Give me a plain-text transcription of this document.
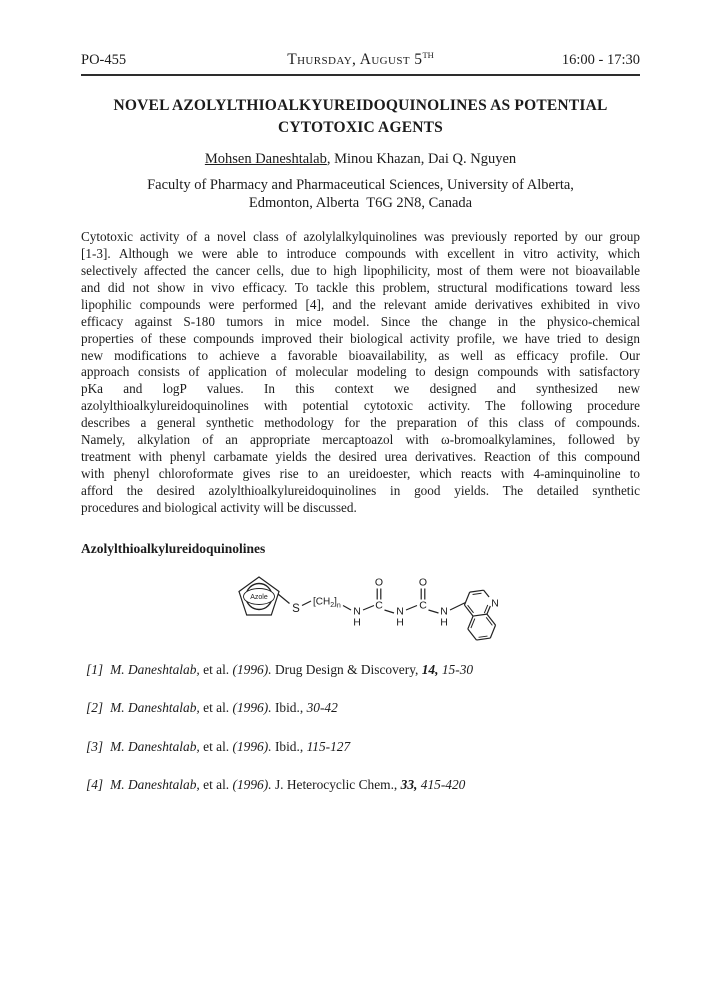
PO-455	Thursday, August 5TH	16:00 - 17:30
NOVEL AZOLYLTHIOALKYUREIDOQUINOLINES AS POTENTIAL
CYTOTOXIC AGENTS
Mohsen Daneshtalab, Minou Khazan, Dai Q. Nguyen
Faculty of Pharmacy and Pharmaceutical Sciences, University of Alberta,
Edmonton, Alberta  T6G 2N8, Canada
Cytotoxic activity of a novel class of azolylalkylquinolines was previously reported by our group
[1-3]. Although we were able to introduce compounds with excellent in vitro activity, which
selectively affected the cancer cells, due to high lipophilicity, most of them were not bioavailable
and did not show in vivo efficacy. To tackle this problem, structural modifications toward less
lipophilic compounds were performed [4], and the relevant amide derivatives exhibited in vivo
efficacy against S-180 tumors in mice model. Since the change in the physico-chemical
properties of these compounds improved their biological activity profile, we have tried to design
new modifications to achieve a favorable bioavailability, as well as efficacy profile. Our
approach consists of application of molecular modeling to design compounds with satisfactory
pKa and logP values. In this context we designed and synthesized new
azolylthioalkylureidoquinolines with potential cytotoxic activity. The following procedure
describes a general synthetic methodology for the preparation of this class of compounds.
Namely, alkylation of an appropriate mercaptoazol with ω-bromoalkylamines, followed by
treatment with phenyl carbamate yields the desired urea derivatives. Reaction of this compound
with phenyl chloroformate gives rise to an ureidoester, which reacts with 4-aminquinoline to
afford the desired azolylthioalkylureidoquinolines in good yields. The detailed synthetic
procedures and biological activity will be discussed.
Azolylthioalkylureidoquinolines
Azole
S
$[CH_2]_n$ N
H
C
O
N
H
C
O
N
H
N
[1] M. Daneshtalab, et al. (1996). Drug Design & Discovery, 14, 15-30
[2] M. Daneshtalab, et al. (1996). Ibid., 30-42
[3] M. Daneshtalab, et al. (1996). Ibid., 115-127
[4] M. Daneshtalab, et al. (1996). J. Heterocyclic Chem., 33, 415-420
